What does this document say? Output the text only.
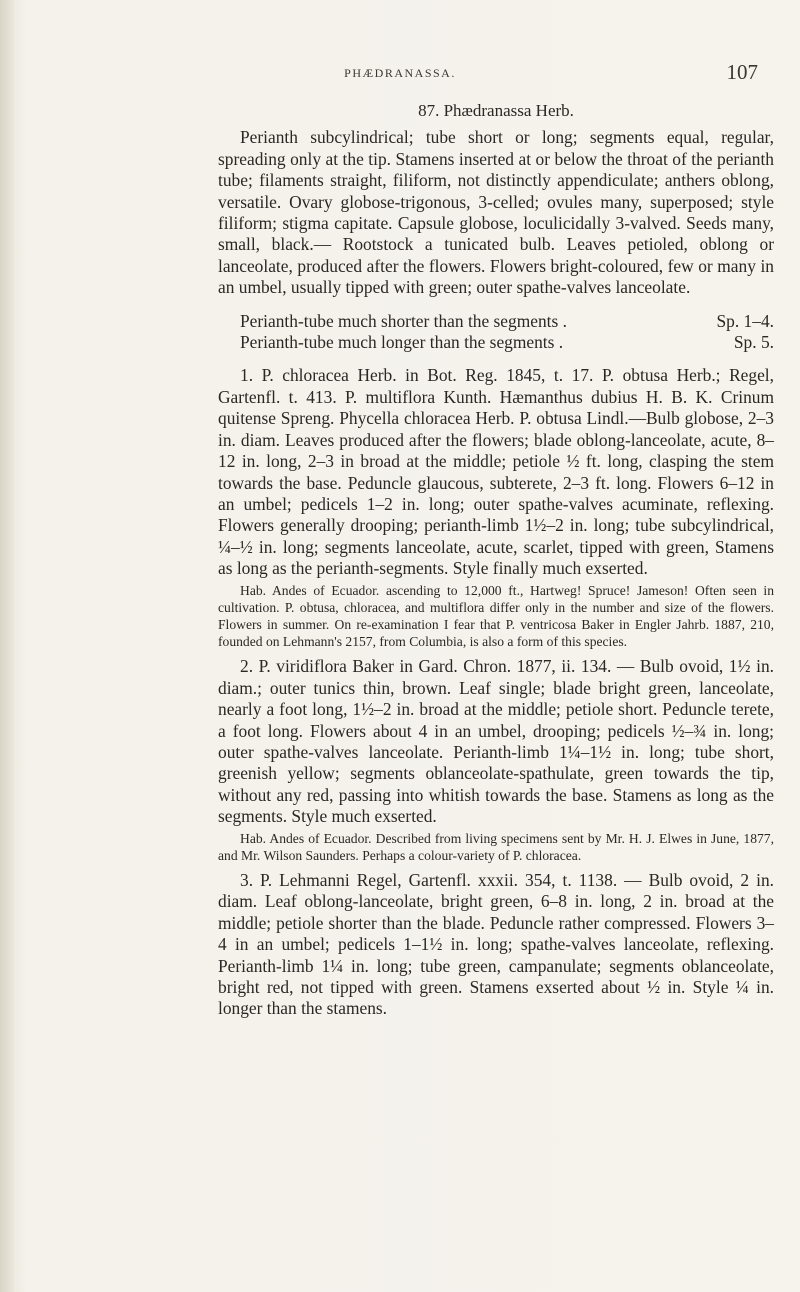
PHÆDRANASSA.	107

87. Phædranassa Herb.

Perianth subcylindrical; tube short or long; segments equal, regular, spreading only at the tip. Stamens inserted at or below the throat of the perianth tube; filaments straight, filiform, not distinctly appendiculate; anthers oblong, versatile. Ovary globose-trigonous, 3-celled; ovules many, superposed; style filiform; stigma capitate. Capsule globose, loculicidally 3-valved. Seeds many, small, black.— Rootstock a tunicated bulb. Leaves petioled, oblong or lanceolate, produced after the flowers. Flowers bright-coloured, few or many in an umbel, usually tipped with green; outer spathe-valves lanceolate.

Perianth-tube much shorter than the segments .	Sp. 1–4.
Perianth-tube much longer than the segments .	Sp. 5.

1. P. chloracea Herb. in Bot. Reg. 1845, t. 17. P. obtusa Herb.; Regel, Gartenfl. t. 413. P. multiflora Kunth. Hæmanthus dubius H. B. K. Crinum quitense Spreng. Phycella chloracea Herb. P. obtusa Lindl.—Bulb globose, 2–3 in. diam. Leaves produced after the flowers; blade oblong-lanceolate, acute, 8–12 in. long, 2–3 in broad at the middle; petiole ½ ft. long, clasping the stem towards the base. Peduncle glaucous, subterete, 2–3 ft. long. Flowers 6–12 in an umbel; pedicels 1–2 in. long; outer spathe-valves acuminate, reflexing. Flowers generally drooping; perianth-limb 1½–2 in. long; tube subcylindrical, ¼–½ in. long; segments lanceolate, acute, scarlet, tipped with green, Stamens as long as the perianth-segments. Style finally much exserted.

Hab. Andes of Ecuador. ascending to 12,000 ft., Hartweg! Spruce! Jameson! Often seen in cultivation. P. obtusa, chloracea, and multiflora differ only in the number and size of the flowers. Flowers in summer. On re-examination I fear that P. ventricosa Baker in Engler Jahrb. 1887, 210, founded on Lehmann's 2157, from Columbia, is also a form of this species.

2. P. viridiflora Baker in Gard. Chron. 1877, ii. 134. — Bulb ovoid, 1½ in. diam.; outer tunics thin, brown. Leaf single; blade bright green, lanceolate, nearly a foot long, 1½–2 in. broad at the middle; petiole short. Peduncle terete, a foot long. Flowers about 4 in an umbel, drooping; pedicels ½–¾ in. long; outer spathe-valves lanceolate. Perianth-limb 1¼–1½ in. long; tube short, greenish yellow; segments oblanceolate-spathulate, green towards the tip, without any red, passing into whitish towards the base. Stamens as long as the segments. Style much exserted.

Hab. Andes of Ecuador. Described from living specimens sent by Mr. H. J. Elwes in June, 1877, and Mr. Wilson Saunders. Perhaps a colour-variety of P. chloracea.

3. P. Lehmanni Regel, Gartenfl. xxxii. 354, t. 1138. — Bulb ovoid, 2 in. diam. Leaf oblong-lanceolate, bright green, 6–8 in. long, 2 in. broad at the middle; petiole shorter than the blade. Peduncle rather compressed. Flowers 3–4 in an umbel; pedicels 1–1½ in. long; spathe-valves lanceolate, reflexing. Perianth-limb 1¼ in. long; tube green, campanulate; segments oblanceolate, bright red, not tipped with green. Stamens exserted about ½ in. Style ¼ in. longer than the stamens.
